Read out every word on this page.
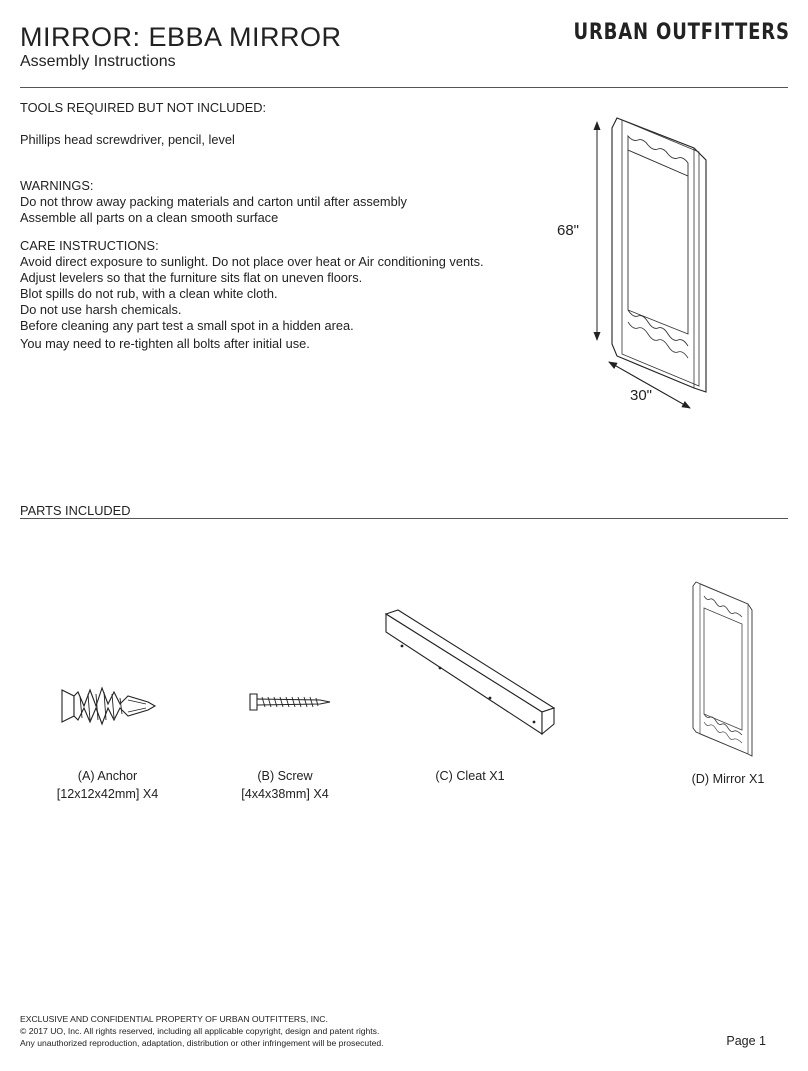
MIRROR: EBBA MIRROR
Assembly Instructions
URBAN OUTFITTERS
TOOLS REQUIRED BUT NOT INCLUDED:
Phillips head screwdriver, pencil, level
WARNINGS:
Do not throw away packing materials and carton until after assembly
Assemble all parts on a clean smooth surface
CARE INSTRUCTIONS:
Avoid direct exposure to sunlight. Do not place over heat or Air conditioning vents.
Adjust levelers so that the furniture sits flat on uneven floors.
Blot spills do not rub, with a clean white cloth.
Do not use harsh chemicals.
Before cleaning any part test a small spot in a hidden area.
You may need to re-tighten all bolts after initial use.
68"
30"
PARTS INCLUDED
(A) Anchor
[12x12x42mm] X4
(B) Screw
[4x4x38mm] X4
(C) Cleat X1	(D) Mirror X1
EXCLUSIVE AND CONFIDENTIAL PROPERTY OF URBAN OUTFITTERS, INC.
© 2017 UO, Inc. All rights reserved, including all applicable copyright, design and patent rights.
Any unauthorized reproduction, adaptation, distribution or other infringement will be prosecuted.	Page 1
